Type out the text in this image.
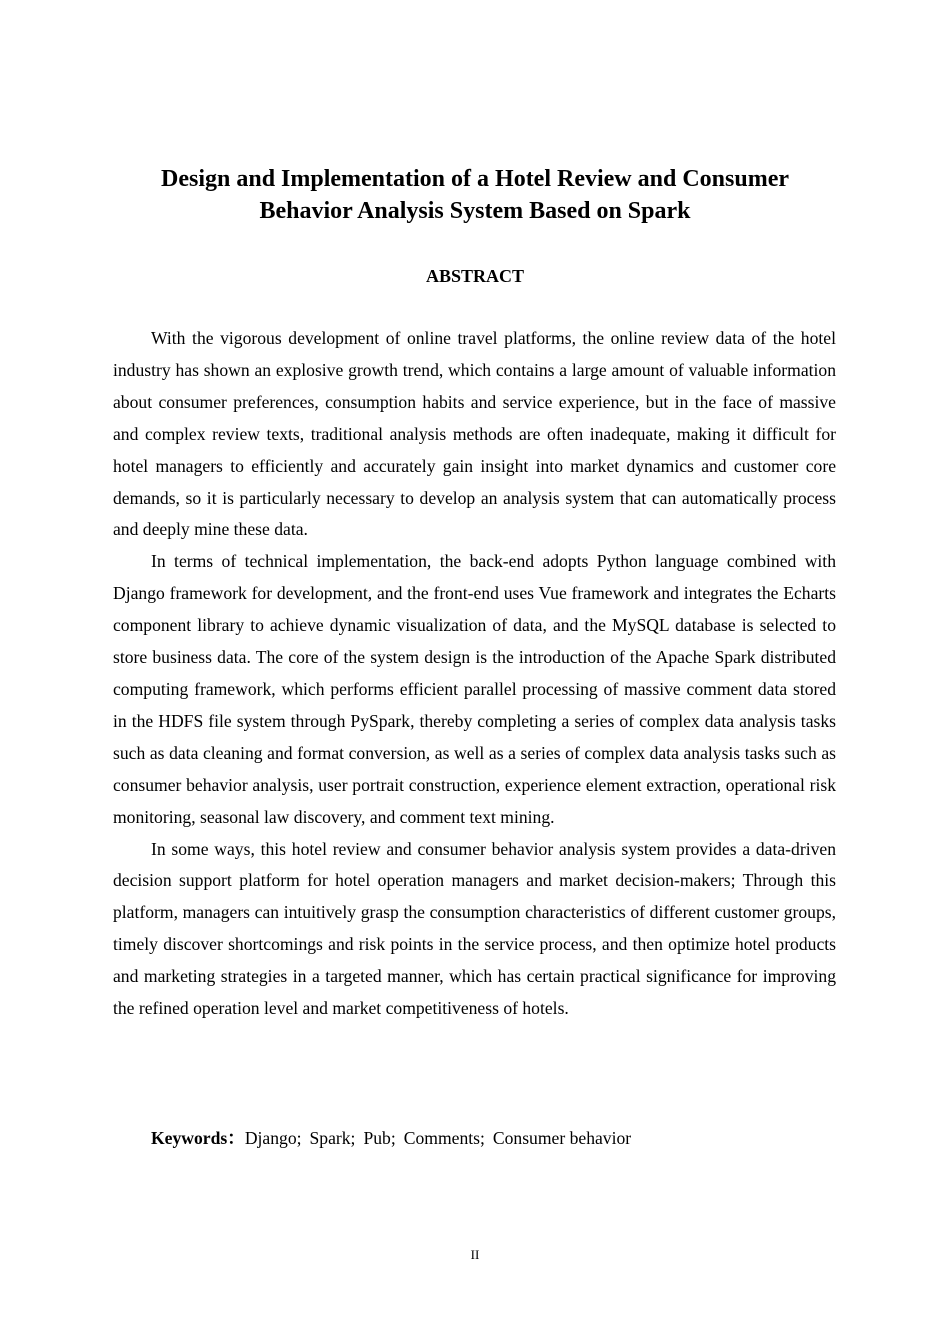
Design and Implementation of a Hotel Review and Consumer
Behavior Analysis System Based on Spark
ABSTRACT

With the vigorous development of online travel platforms, the online review data of the hotel industry has shown an explosive growth trend, which contains a large amount of valuable information about consumer preferences, consumption habits and service experience, but in the face of massive and complex review texts, traditional analysis methods are often inadequate, making it difficult for hotel managers to efficiently and accurately gain insight into market dynamics and customer core demands, so it is particularly necessary to develop an analysis system that can automatically process and deeply mine these data.

In terms of technical implementation, the back-end adopts Python language combined with Django framework for development, and the front-end uses Vue framework and integrates the Echarts component library to achieve dynamic visualization of data, and the MySQL database is selected to store business data. The core of the system design is the introduction of the Apache Spark distributed computing framework, which performs efficient parallel processing of massive comment data stored in the HDFS file system through PySpark, thereby completing a series of complex data analysis tasks such as data cleaning and format conversion, as well as a series of complex data analysis tasks such as consumer behavior analysis, user portrait construction, experience element extraction, operational risk monitoring, seasonal law discovery, and comment text mining.

In some ways, this hotel review and consumer behavior analysis system provides a data-driven decision support platform for hotel operation managers and market decision-makers; Through this platform, managers can intuitively grasp the consumption characteristics of different customer groups, timely discover shortcomings and risk points in the service process, and then optimize hotel products and marketing strategies in a targeted manner, which has certain practical significance for improving the refined operation level and market competitiveness of hotels.

Keywords：Django; Spark; Pub; Comments; Consumer behavior

II
